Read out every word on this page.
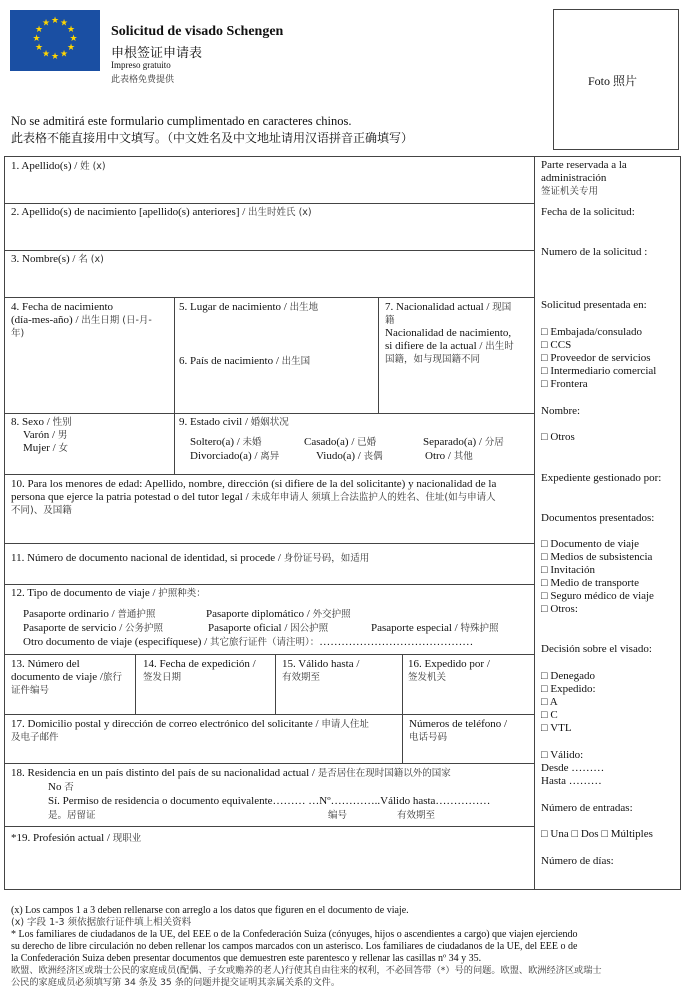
★ ★
★
★
★
★
★
★
★
★
★
★
Solicitud de visado Schengen
申根签证申请表
Impreso gratuito
此表格免费提供	Foto 照片
No se admitirá este formulario cumplimentado en caracteres chinos.
此表格不能直接用中文填写。（中文姓名及中文地址请用汉语拼音正确填写）
1. Apellido(s) / 姓 (x)
2. Apellido(s) de nacimiento [apellido(s) anteriores] / 出生时姓氏 (x)
3. Nombre(s) / 名 (x)
4. Fecha de nacimiento
(día-mes-año) / 出生日期 (日-月-
年)
5. Lugar de nacimiento / 出生地
6. País de nacimiento / 出生国
7. Nacionalidad actual / 现国
籍
Nacionalidad de nacimiento,
si difiere de la actual / 出生时
国籍，如与现国籍不同
8. Sexo / 性别
Varón / 男
Mujer / 女
9. Estado civil / 婚姻状况
Soltero(a) / 未婚	Casado(a) / 已婚	Separado(a) / 分居
Divorciado(a) / 离异	Viudo(a) / 丧偶	Otro / 其他
10. Para los menores de edad: Apellido, nombre, dirección (si difiere de la del solicitante) y nacionalidad de la
persona que ejerce la patria potestad o del tutor legal / 未成年申请人 须填上合法监护人的姓名、住址(如与申请人
不同)、及国籍
11. Número de documento nacional de identidad, si procede / 身份证号码，如适用
12. Tipo de documento de viaje / 护照种类：
Pasaporte ordinario / 普通护照	Pasaporte diplomático / 外交护照
Pasaporte de servicio / 公务护照	Pasaporte oficial / 因公护照	Pasaporte especial / 特殊护照
Otro documento de viaje (especifíquese) / 其它旅行证件（请注明）：……………………………………
13. Número del
documento de viaje /旅行
证件编号
14. Fecha de expedición /
签发日期
15. Válido hasta /
有效期至
16. Expedido por /
签发机关
17. Domicilio postal y dirección de correo electrónico del solicitante / 申请人住址
及电子邮件
Números de teléfono /
电话号码
18. Residencia en un país distinto del país de su nacionalidad actual / 是否居住在现时国籍以外的国家
No 否
Sí. Permiso de residencia o documento equivalente……… …Nº…………..Válido hasta……………
是。居留证	编号	有效期至
*19. Profesión actual / 现职业
Parte reservada a la
administración
签证机关专用
Fecha de la solicitud:
Numero de la solicitud :
Solicitud presentada en:
□ Embajada/consulado
□ CCS
□ Proveedor de servicios
□ Intermediario comercial
□ Frontera
Nombre:
□ Otros
Expediente gestionado por:
Documentos presentados:
□ Documento de viaje
□ Medios de subsistencia
□ Invitación
□ Medio de transporte
□ Seguro médico de viaje
□ Otros:
Decisión sobre el visado:
□ Denegado
□ Expedido:
□ A
□ C
□ VTL
□ Válido:
Desde ………
Hasta ………
Número de entradas:
□ Una □ Dos □ Múltiples
Número de días:
(x) Los campos 1 a 3 deben rellenarse con arreglo a los datos que figuren en el documento de viaje.
(x) 字段 1-3 须依据旅行证件填上相关资料
* Los familiares de ciudadanos de la UE, del EEE o de la Confederación Suiza (cónyuges, hijos o ascendientes a cargo) que viajen ejerciendo
su derecho de libre circulación no deben rellenar los campos marcados con un asterisco. Los familiares de ciudadanos de la UE, del EEE o de
la Confederación Suiza deben presentar documentos que demuestren este parentesco y rellenar las casillas nº 34 y 35.
欧盟、欧洲经济区或瑞士公民的家庭成员(配偶、子女或赡养的老人)行使其自由往来的权利，不必回答带（*）号的问题。欧盟、欧洲经济区或瑞士
公民的家庭成员必须填写第 34 条及 35 条的问题并提交证明其亲属关系的文件。
